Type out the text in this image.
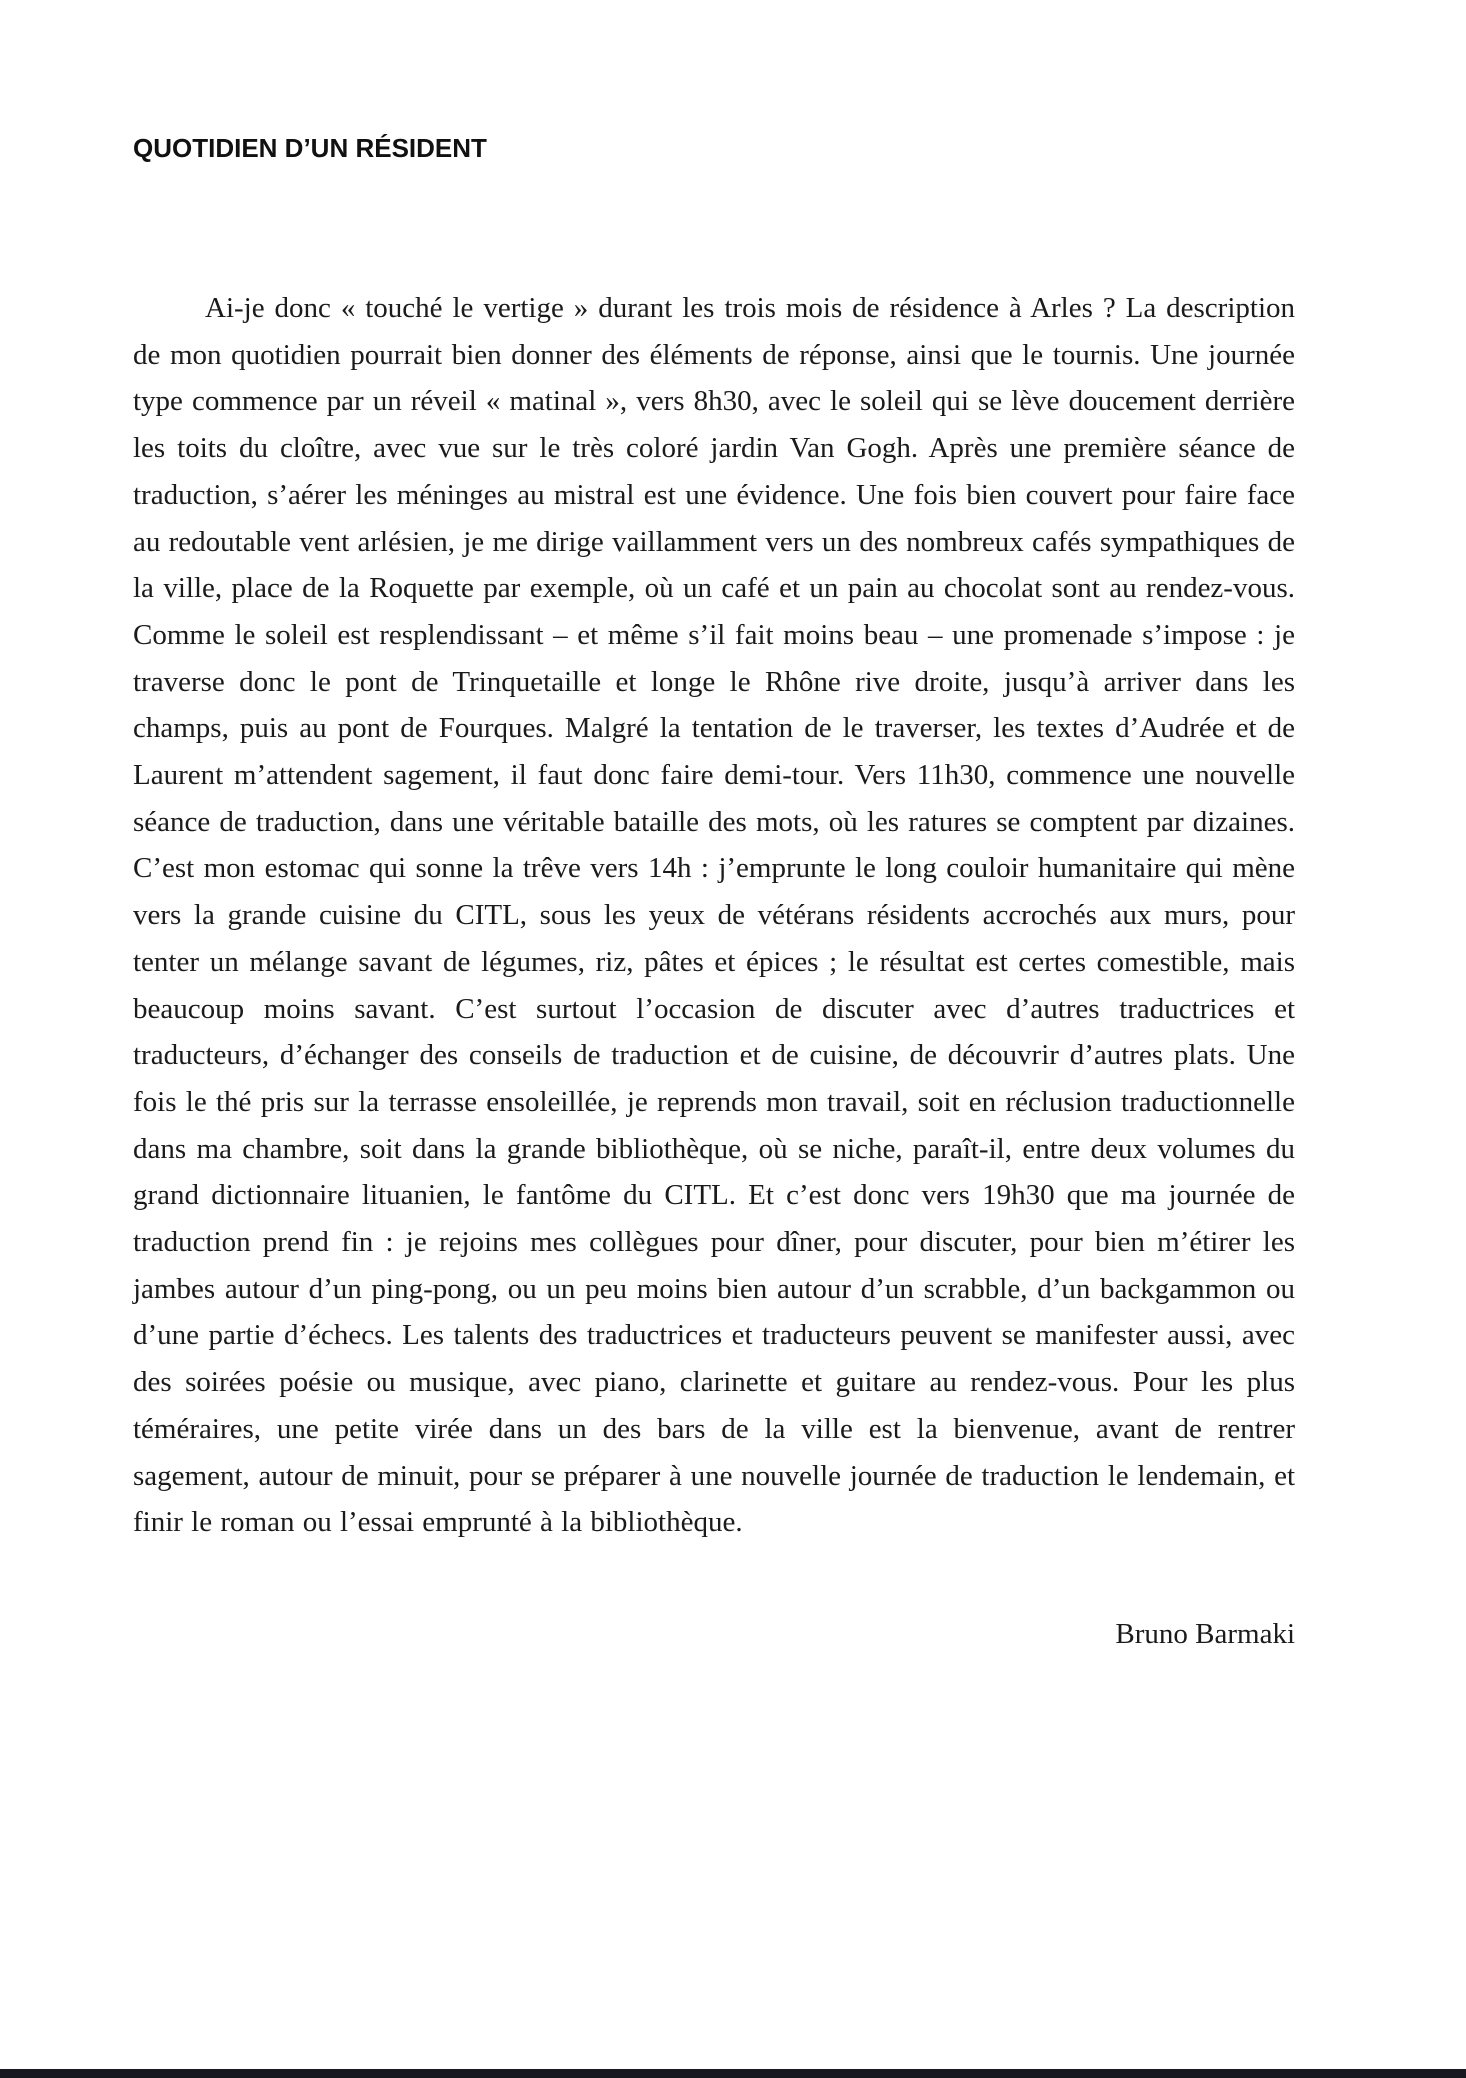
QUOTIDIEN D’UN RÉSIDENT

Ai-je donc « touché le vertige » durant les trois mois de résidence à Arles ? La description de mon quotidien pourrait bien donner des éléments de réponse, ainsi que le tournis. Une journée type commence par un réveil « matinal », vers 8h30, avec le soleil qui se lève doucement derrière les toits du cloître, avec vue sur le très coloré jardin Van Gogh. Après une première séance de traduction, s’aérer les méninges au mistral est une évidence. Une fois bien couvert pour faire face au redoutable vent arlésien, je me dirige vaillamment vers un des nombreux cafés sympathiques de la ville, place de la Roquette par exemple, où un café et un pain au chocolat sont au rendez-vous. Comme le soleil est resplendissant – et même s’il fait moins beau – une promenade s’impose : je traverse donc le pont de Trinquetaille et longe le Rhône rive droite, jusqu’à arriver dans les champs, puis au pont de Fourques. Malgré la tentation de le traverser, les textes d’Audrée et de Laurent m’attendent sagement, il faut donc faire demi-tour. Vers 11h30, commence une nouvelle séance de traduction, dans une véritable bataille des mots, où les ratures se comptent par dizaines. C’est mon estomac qui sonne la trêve vers 14h : j’emprunte le long couloir humanitaire qui mène vers la grande cuisine du CITL, sous les yeux de vétérans résidents accrochés aux murs, pour tenter un mélange savant de légumes, riz, pâtes et épices ; le résultat est certes comestible, mais beaucoup moins savant. C’est surtout l’occasion de discuter avec d’autres traductrices et traducteurs, d’échanger des conseils de traduction et de cuisine, de découvrir d’autres plats. Une fois le thé pris sur la terrasse ensoleillée, je reprends mon travail, soit en réclusion traductionnelle dans ma chambre, soit dans la grande bibliothèque, où se niche, paraît-il, entre deux volumes du grand dictionnaire lituanien, le fantôme du CITL. Et c’est donc vers 19h30 que ma journée de traduction prend fin : je rejoins mes collègues pour dîner, pour discuter, pour bien m’étirer les jambes autour d’un ping-pong, ou un peu moins bien autour d’un scrabble, d’un backgammon ou d’une partie d’échecs. Les talents des traductrices et traducteurs peuvent se manifester aussi, avec des soirées poésie ou musique, avec piano, clarinette et guitare au rendez-vous. Pour les plus téméraires, une petite virée dans un des bars de la ville est la bienvenue, avant de rentrer sagement, autour de minuit, pour se préparer à une nouvelle journée de traduction le lendemain, et finir le roman ou l’essai emprunté à la bibliothèque.

Bruno Barmaki
